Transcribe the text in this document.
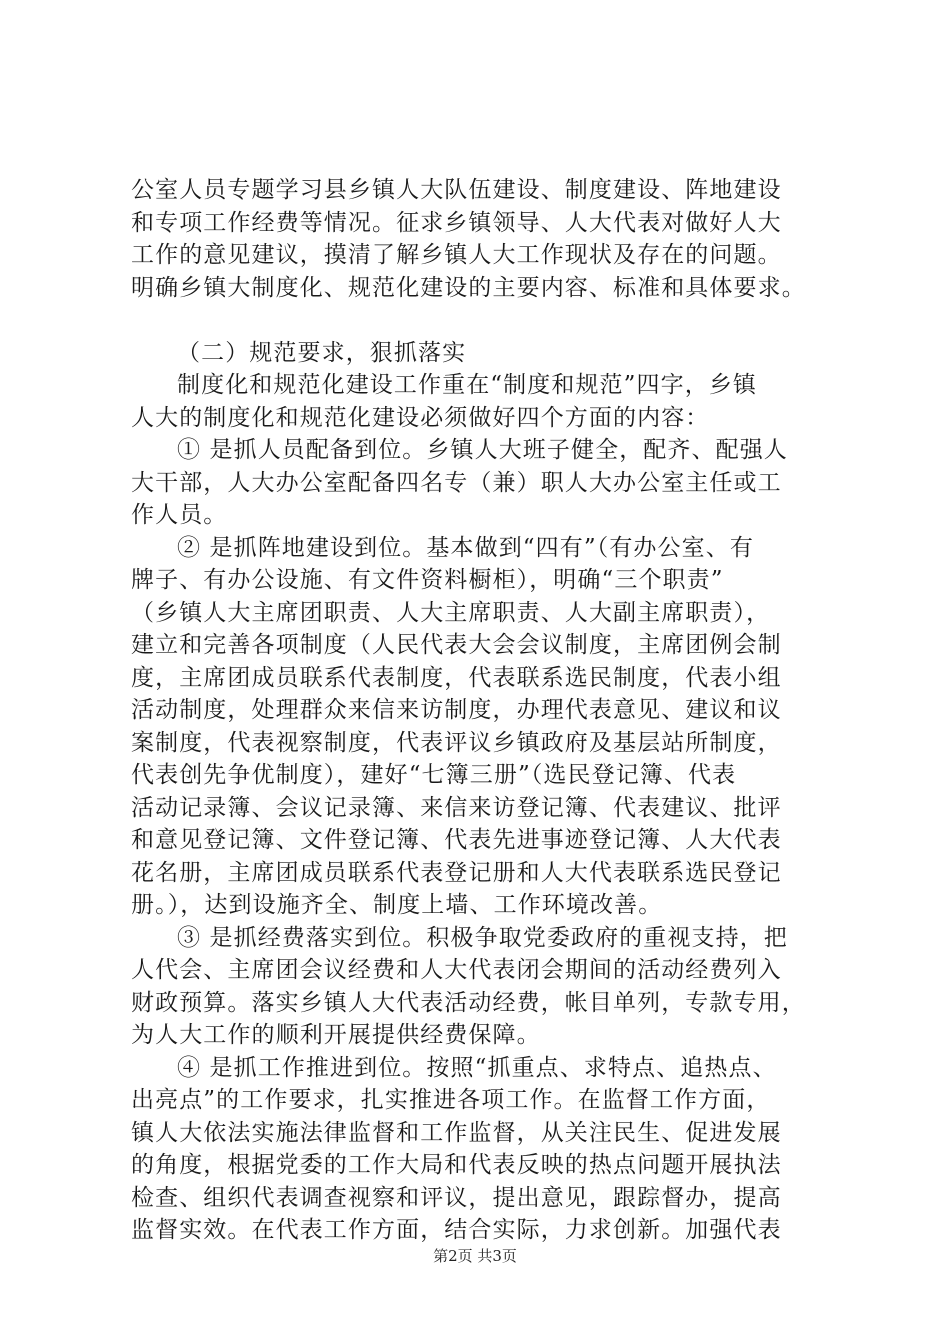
公室人员专题学习县乡镇人大队伍建设、制度建设、阵地建设
和专项工作经费等情况。征求乡镇领导、人大代表对做好人大
工作的意见建议，摸清了解乡镇人大工作现状及存在的问题。
明确乡镇大制度化、规范化建设的主要内容、标准和具体要求。
（二）规范要求，狠抓落实
制度化和规范化建设工作重在“制度和规范”四字，乡镇
人大的制度化和规范化建设必须做好四个方面的内容：
① 是抓人员配备到位。乡镇人大班子健全，配齐、配强人
大干部，人大办公室配备四名专（兼）职人大办公室主任或工
作人员。
② 是抓阵地建设到位。基本做到“四有”（有办公室、有
牌子、有办公设施、有文件资料橱柜），明确“三个职责”
（乡镇人大主席团职责、人大主席职责、人大副主席职责），
建立和完善各项制度（人民代表大会会议制度，主席团例会制
度，主席团成员联系代表制度，代表联系选民制度，代表小组
活动制度，处理群众来信来访制度，办理代表意见、建议和议
案制度，代表视察制度，代表评议乡镇政府及基层站所制度，
代表创先争优制度），建好“七簿三册”（选民登记簿、代表
活动记录簿、会议记录簿、来信来访登记簿、代表建议、批评
和意见登记簿、文件登记簿、代表先进事迹登记簿、人大代表
花名册，主席团成员联系代表登记册和人大代表联系选民登记
册。），达到设施齐全、制度上墙、工作环境改善。
③ 是抓经费落实到位。积极争取党委政府的重视支持，把
人代会、主席团会议经费和人大代表闭会期间的活动经费列入
财政预算。落实乡镇人大代表活动经费，帐目单列，专款专用，
为人大工作的顺利开展提供经费保障。
④ 是抓工作推进到位。按照“抓重点、求特点、追热点、
出亮点”的工作要求，扎实推进各项工作。在监督工作方面，
镇人大依法实施法律监督和工作监督，从关注民生、促进发展
的角度，根据党委的工作大局和代表反映的热点问题开展执法
检查、组织代表调查视察和评议，提出意见，跟踪督办，提高
监督实效。在代表工作方面，结合实际，力求创新。加强代表
第2页 共3页
